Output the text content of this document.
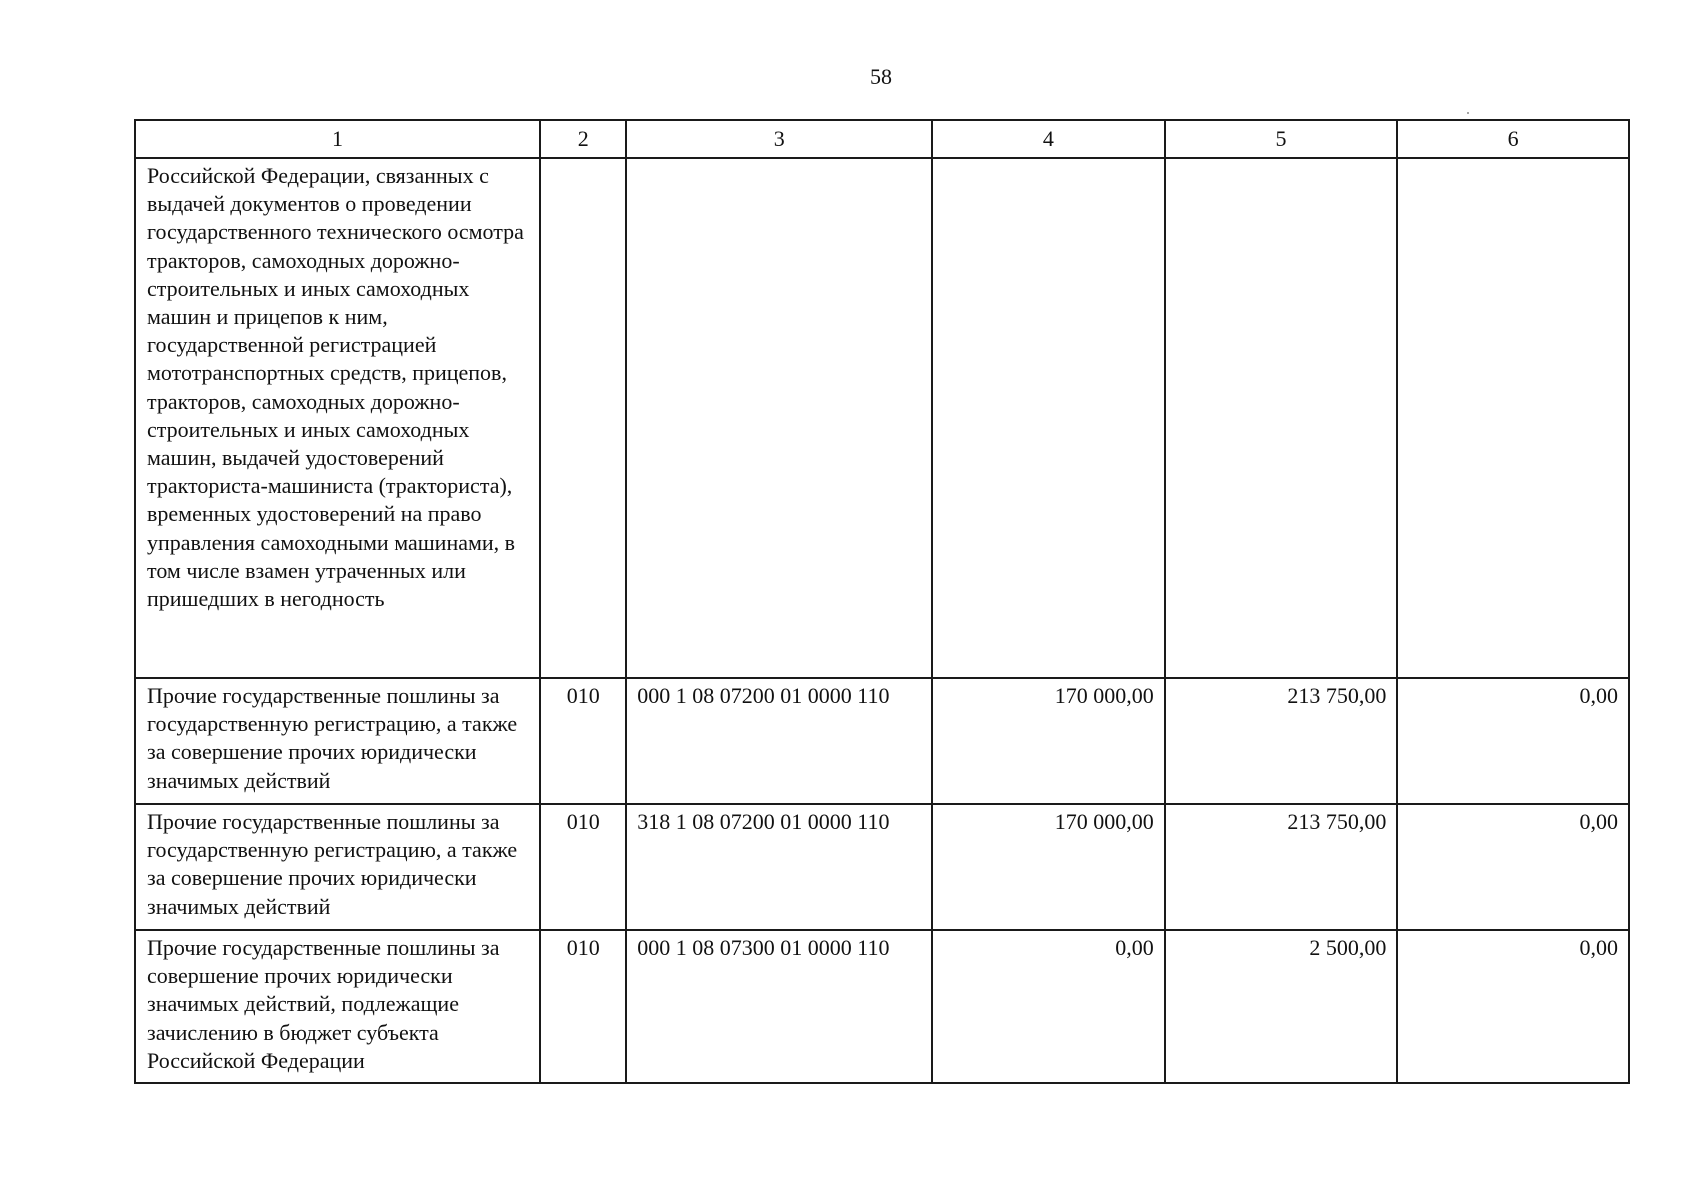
58
1	2	3	4	5	6

Российской Федерации, связанных с выдачей документов о проведении государственного технического осмотра тракторов, самоходных дорожно-строительных и иных самоходных машин и прицепов к ним, государственной регистрацией мототранспортных средств, прицепов, тракторов, самоходных дорожно-строительных и иных самоходных машин, выдачей удостоверений тракториста-машиниста (тракториста), временных удостоверений на право управления самоходными машинами, в том числе взамен утраченных или пришедших в негодность					

Прочие государственные пошлины за государственную регистрацию, а также за совершение прочих юридически значимых действий	010	000 1 08 07200 01 0000 110	170 000,00	213 750,00	0,00

Прочие государственные пошлины за государственную регистрацию, а также за совершение прочих юридически значимых действий	010	318 1 08 07200 01 0000 110	170 000,00	213 750,00	0,00

Прочие государственные пошлины за совершение прочих юридически значимых действий, подлежащие зачислению в бюджет субъекта Российской Федерации	010	000 1 08 07300 01 0000 110	0,00	2 500,00	0,00
